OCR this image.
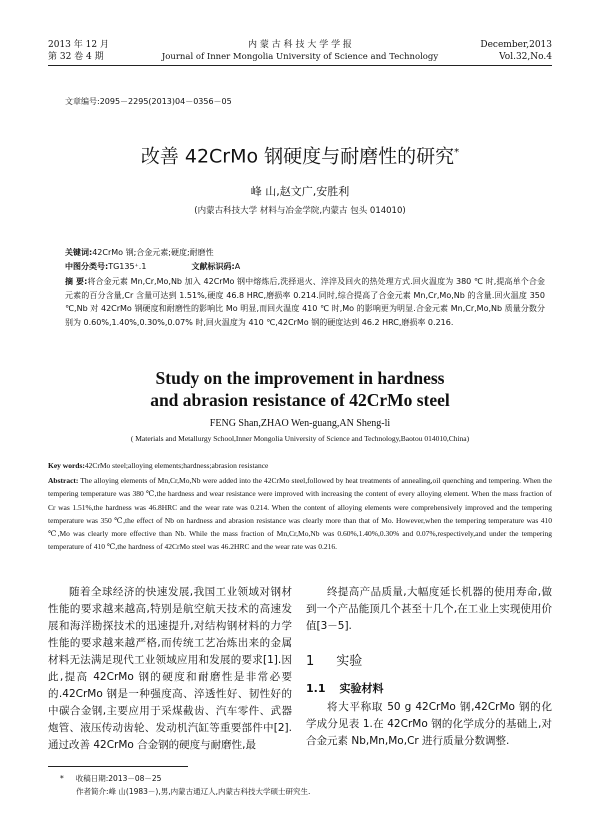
2013 年 12 月
第 32 卷 4 期
内 蒙 古 科 技 大 学 学 报
Journal of Inner Mongolia University of Science and Technology
December,2013
Vol.32,No.4
文章编号:2095－2295(2013)04－0356－05
改善 42CrMo 钢硬度与耐磨性的研究*
峰 山,赵文广,安胜利
(内蒙古科技大学 材料与冶金学院,内蒙古 包头 014010)
关键词:42CrMo 钢;合金元素;硬度;耐磨性
中图分类号:TG135⁺.1	文献标识码:A
摘 要:将合金元素 Mn,Cr,Mo,Nb 加入 42CrMo 钢中熔炼后,洗择退火、淬淬及回火的热处理方式.回火温度为 380 ℃ 时,提高单个合金元素的百分含量,Cr 含量可达到 1.51%,硬度 46.8 HRC,磨损率 0.214.同时,综合提高了合金元素 Mn,Cr,Mo,Nb 的含量.回火温度 350 ℃,Nb 对 42CrMo 钢硬度和耐磨性的影响比 Mo 明显,而回火温度 410 ℃ 时,Mo 的影响更为明显.合金元素 Mn,Cr,Mo,Nb 质量分数分别为 0.60%,1.40%,0.30%,0.07% 时,回火温度为 410 ℃,42CrMo 钢的硬度达到 46.2 HRC,磨损率 0.216.
Study on the improvement in hardness
and abrasion resistance of 42CrMo steel
FENG Shan,ZHAO Wen-guang,AN Sheng-li
( Materials and Metallurgy School,Inner Mongolia University of Science and Technology,Baotou 014010,China)
Key words:42CrMo steel;alloying elements;hardness;abrasion resistance
Abstract: The alloying elements of Mn,Cr,Mo,Nb were added into the 42CrMo steel,followed by heat treatments of annealing,oil quenching and tempering. When the tempering temperature was 380 ℃,the hardness and wear resistance were improved with increasing the content of every alloying element. When the mass fraction of Cr was 1.51%,the hardness was 46.8HRC and the wear rate was 0.214. When the content of alloying elements were comprehensively improved and the tempering temperature was 350 ℃,the effect of Nb on hardness and abrasion resistance was clearly more than that of Mo. However,when the tempering temperature was 410 ℃,Mo was clearly more effective than Nb. While the mass fraction of Mn,Cr,Mo,Nb was 0.60%,1.40%,0.30% and 0.07%,respectively,and under the tempering temperature of 410 ℃,the hardness of 42CrMo steel was 46.2HRC and the wear rate was 0.216.
随着全球经济的快速发展,我国工业领域对钢材性能的要求越来越高,特别是航空航天技术的高速发展和海洋勘探技术的迅速提升,对结构钢材料的力学性能的要求越来越严格,而传统工艺冶炼出来的金属材料无法满足现代工业领域应用和发展的要求[1].因此,提高 42CrMo 钢的硬度和耐磨性是非常必要的.42CrMo 钢是一种强度高、淬透性好、韧性好的中碳合金钢,主要应用于采煤截齿、汽车零件、武器炮管、液压传动齿轮、发动机汽缸等重要部件中[2].通过改善 42CrMo 合金钢的硬度与耐磨性,最
终提高产品质量,大幅度延长机器的使用寿命,做到一个产品能顶几个甚至十几个,在工业上实现使用价值[3－5].
1 实验
1.1 实验材料
将大平称取 50 g 42CrMo 钢,42CrMo 钢的化学成分见表 1.在 42CrMo 钢的化学成分的基础上,对合金元素 Nb,Mn,Mo,Cr 进行质量分数调整.
* 收稿日期:2013－08－25
作者简介:峰 山(1983－),男,内蒙古通辽人,内蒙古科技大学硕士研究生.
